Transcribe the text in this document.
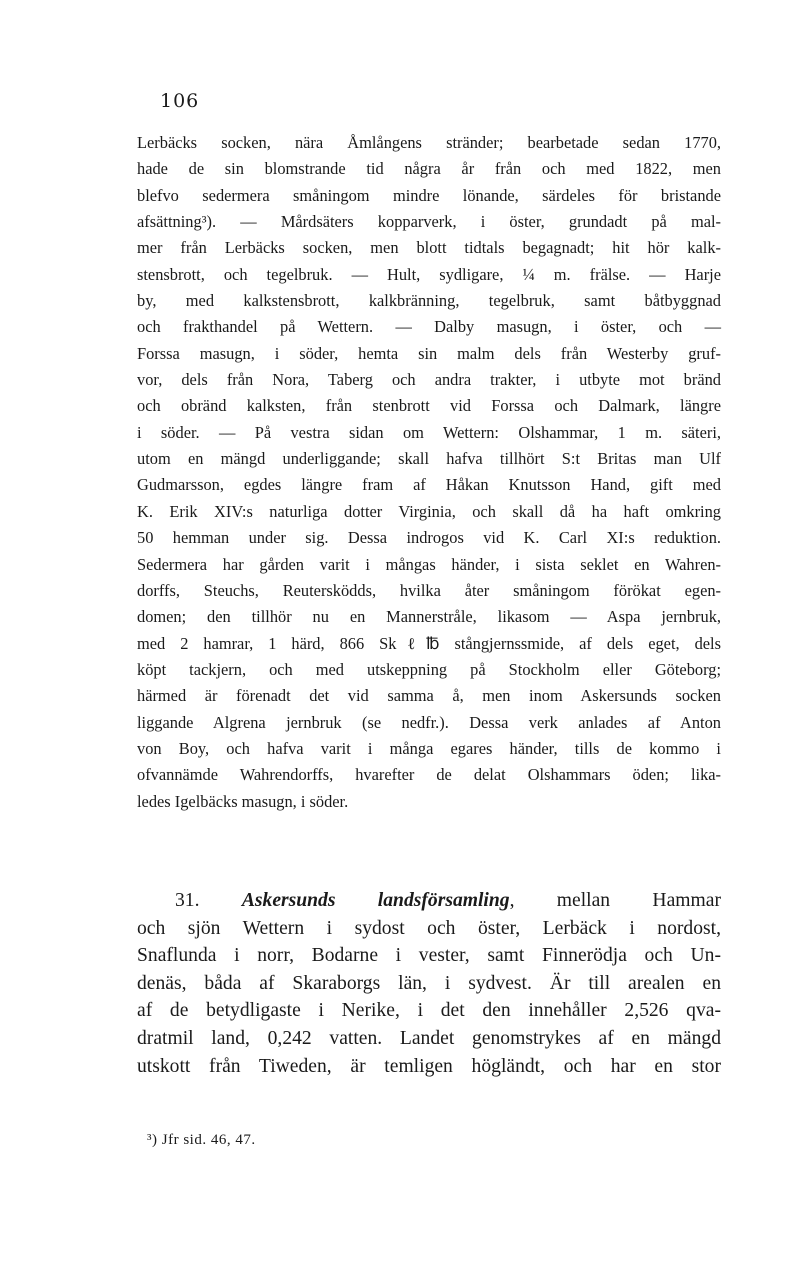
106
Lerbäcks socken, nära Åmlångens stränder; bearbetade sedan 1770,
hade de sin blomstrande tid några år från och med 1822, men
blefvo sedermera småningom mindre lönande, särdeles för bristande
afsättning³). — Mårdsäters kopparverk, i öster, grundadt på mal-
mer från Lerbäcks socken, men blott tidtals begagnadt; hit hör kalk-
stensbrott, och tegelbruk. — Hult, sydligare, ¼ m. frälse. — Harje
by, med kalkstensbrott, kalkbränning, tegelbruk, samt båtbyggnad
och frakthandel på Wettern. — Dalby masugn, i öster, och —
Forssa masugn, i söder, hemta sin malm dels från Westerby gruf-
vor, dels från Nora, Taberg och andra trakter, i utbyte mot bränd
och obränd kalksten, från stenbrott vid Forssa och Dalmark, längre
i söder. — På vestra sidan om Wettern: Olshammar, 1 m. säteri,
utom en mängd underliggande; skall hafva tillhört S:t Britas man Ulf
Gudmarsson, egdes längre fram af Håkan Knutsson Hand, gift med
K. Erik XIV:s naturliga dotter Virginia, och skall då ha haft omkring
50 hemman under sig. Dessa indrogos vid K. Carl XI:s reduktion.
Sedermera har gården varit i mångas händer, i sista seklet en Wahren-
dorffs, Steuchs, Reutersködds, hvilka åter småningom förökat egen-
domen; den tillhör nu en Mannerstråle, likasom — Aspa jernbruk,
med 2 hamrar, 1 härd, 866 Skℓ℔ stångjernssmide, af dels eget, dels
köpt tackjern, och med utskeppning på Stockholm eller Göteborg;
härmed är förenadt det vid samma å, men inom Askersunds socken
liggande Algrena jernbruk (se nedfr.). Dessa verk anlades af Anton
von Boy, och hafva varit i många egares händer, tills de kommo i
ofvannämde Wahrendorffs, hvarefter de delat Olshammars öden; lika-
ledes Igelbäcks masugn, i söder.
31. Askersunds landsförsamling, mellan Hammar
och sjön Wettern i sydost och öster, Lerbäck i nordost,
Snaflunda i norr, Bodarne i vester, samt Finnerödja och Un-
denäs, båda af Skaraborgs län, i sydvest. Är till arealen en
af de betydligaste i Nerike, i det den innehåller 2,526 qva-
dratmil land, 0,242 vatten. Landet genomstrykes af en mängd
utskott från Tiweden, är temligen högländt, och har en stor
³) Jfr sid. 46, 47.
